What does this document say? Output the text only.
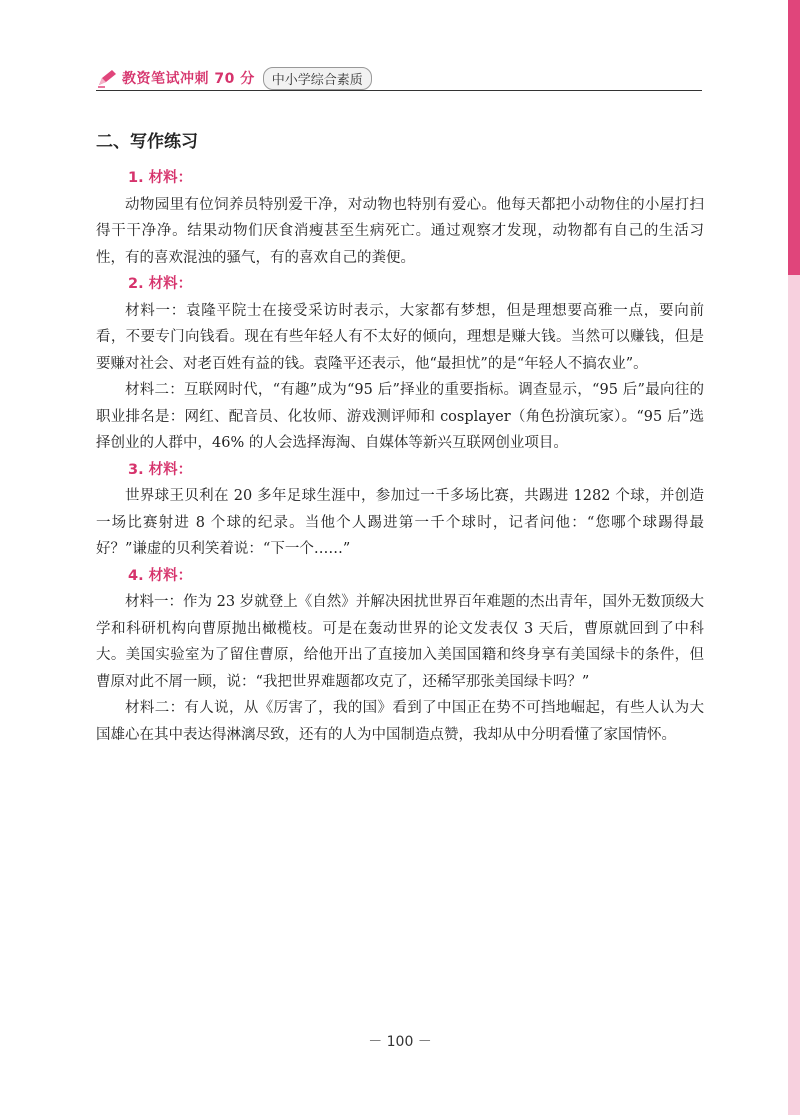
教资笔试冲刺 70 分	中小学综合素质
二、写作练习
1. 材料：

动物园里有位饲养员特别爱干净，对动物也特别有爱心。他每天都把小动物住的小屋打扫得干干净净。结果动物们厌食消瘦甚至生病死亡。通过观察才发现，动物都有自己的生活习性，有的喜欢混浊的骚气，有的喜欢自己的粪便。

2. 材料：

材料一：袁隆平院士在接受采访时表示，大家都有梦想，但是理想要高雅一点，要向前看，不要专门向钱看。现在有些年轻人有不太好的倾向，理想是赚大钱。当然可以赚钱，但是要赚对社会、对老百姓有益的钱。袁隆平还表示，他“最担忧”的是“年轻人不搞农业”。

材料二：互联网时代，“有趣”成为“95 后”择业的重要指标。调查显示，“95 后”最向往的职业排名是：网红、配音员、化妆师、游戏测评师和 cosplayer（角色扮演玩家）。“95 后”选择创业的人群中，46% 的人会选择海淘、自媒体等新兴互联网创业项目。

3. 材料：

世界球王贝利在 20 多年足球生涯中，参加过一千多场比赛，共踢进 1282 个球，并创造一场比赛射进 8 个球的纪录。当他个人踢进第一千个球时，记者问他：“您哪个球踢得最好？”谦虚的贝利笑着说：“下一个……”

4. 材料：

材料一：作为 23 岁就登上《自然》并解决困扰世界百年难题的杰出青年，国外无数顶级大学和科研机构向曹原抛出橄榄枝。可是在轰动世界的论文发表仅 3 天后，曹原就回到了中科大。美国实验室为了留住曹原，给他开出了直接加入美国国籍和终身享有美国绿卡的条件，但曹原对此不屑一顾，说：“我把世界难题都攻克了，还稀罕那张美国绿卡吗？”

材料二：有人说，从《厉害了，我的国》看到了中国正在势不可挡地崛起，有些人认为大国雄心在其中表达得淋漓尽致，还有的人为中国制造点赞，我却从中分明看懂了家国情怀。

－ 100 －
